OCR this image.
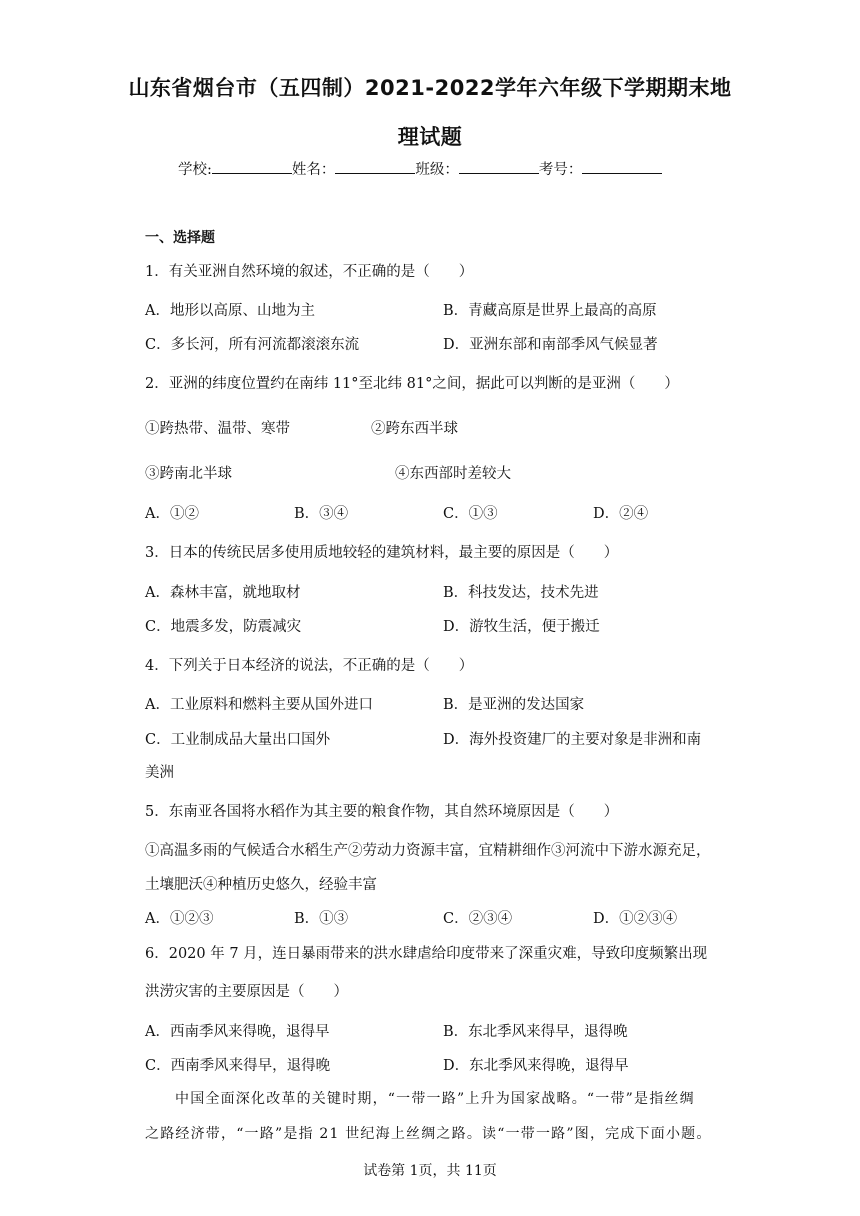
山东省烟台市（五四制）2021-2022学年六年级下学期期末地
理试题
学校:	姓名：	班级：	考号：
一、选择题
1．有关亚洲自然环境的叙述，不正确的是（　　）
A．地形以高原、山地为主	B．青藏高原是世界上最高的高原
C．多长河，所有河流都滚滚东流	D．亚洲东部和南部季风气候显著
2．亚洲的纬度位置约在南纬 11°至北纬 81°之间，据此可以判断的是亚洲（　　）
①跨热带、温带、寒带	②跨东西半球
③跨南北半球	④东西部时差较大
A．①②	B．③④	C．①③	D．②④
3．日本的传统民居多使用质地较轻的建筑材料，最主要的原因是（　　）
A．森林丰富，就地取材	B．科技发达，技术先进
C．地震多发，防震减灾	D．游牧生活，便于搬迁
4．下列关于日本经济的说法，不正确的是（　　）
A．工业原料和燃料主要从国外进口	B．是亚洲的发达国家
C．工业制成品大量出口国外	D．海外投资建厂的主要对象是非洲和南
美洲
5．东南亚各国将水稻作为其主要的粮食作物，其自然环境原因是（　　）
①高温多雨的气候适合水稻生产②劳动力资源丰富，宜精耕细作③河流中下游水源充足，
土壤肥沃④种植历史悠久，经验丰富
A．①②③	B．①③	C．②③④	D．①②③④
6．2020 年 7 月，连日暴雨带来的洪水肆虐给印度带来了深重灾难，导致印度频繁出现
洪涝灾害的主要原因是（　　）
A．西南季风来得晚，退得早	B．东北季风来得早，退得晚
C．西南季风来得早，退得晚	D．东北季风来得晚，退得早
中国全面深化改革的关键时期，“一带一路”上升为国家战略。“一带”是指丝绸
之路经济带，“一路”是指 21 世纪海上丝绸之路。读“一带一路”图，完成下面小题。
试卷第 1页，共 11页
